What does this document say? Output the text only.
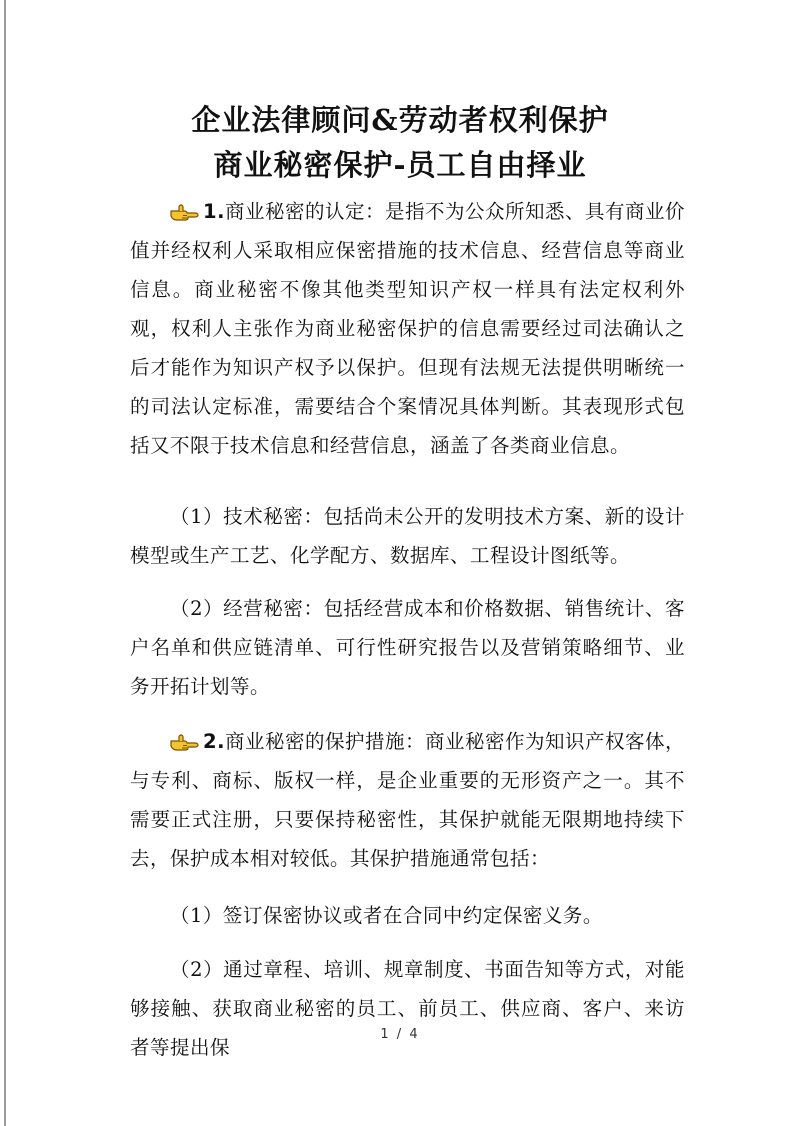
企业法律顾问&劳动者权利保护
商业秘密保护-员工自由择业

1.商业秘密的认定：是指不为公众所知悉、具有商业价值并经权利人采取相应保密措施的技术信息、经营信息等商业信息。商业秘密不像其他类型知识产权一样具有法定权利外观，权利人主张作为商业秘密保护的信息需要经过司法确认之后才能作为知识产权予以保护。但现有法规无法提供明晰统一的司法认定标准，需要结合个案情况具体判断。其表现形式包括又不限于技术信息和经营信息，涵盖了各类商业信息。

（1）技术秘密：包括尚未公开的发明技术方案、新的设计模型或生产工艺、化学配方、数据库、工程设计图纸等。

（2）经营秘密：包括经营成本和价格数据、销售统计、客户名单和供应链清单、可行性研究报告以及营销策略细节、业务开拓计划等。

2.商业秘密的保护措施：商业秘密作为知识产权客体，与专利、商标、版权一样，是企业重要的无形资产之一。其不需要正式注册，只要保持秘密性，其保护就能无限期地持续下去，保护成本相对较低。其保护措施通常包括：

（1）签订保密协议或者在合同中约定保密义务。

（2）通过章程、培训、规章制度、书面告知等方式，对能够接触、获取商业秘密的员工、前员工、供应商、客户、来访者等提出保

1 / 4
